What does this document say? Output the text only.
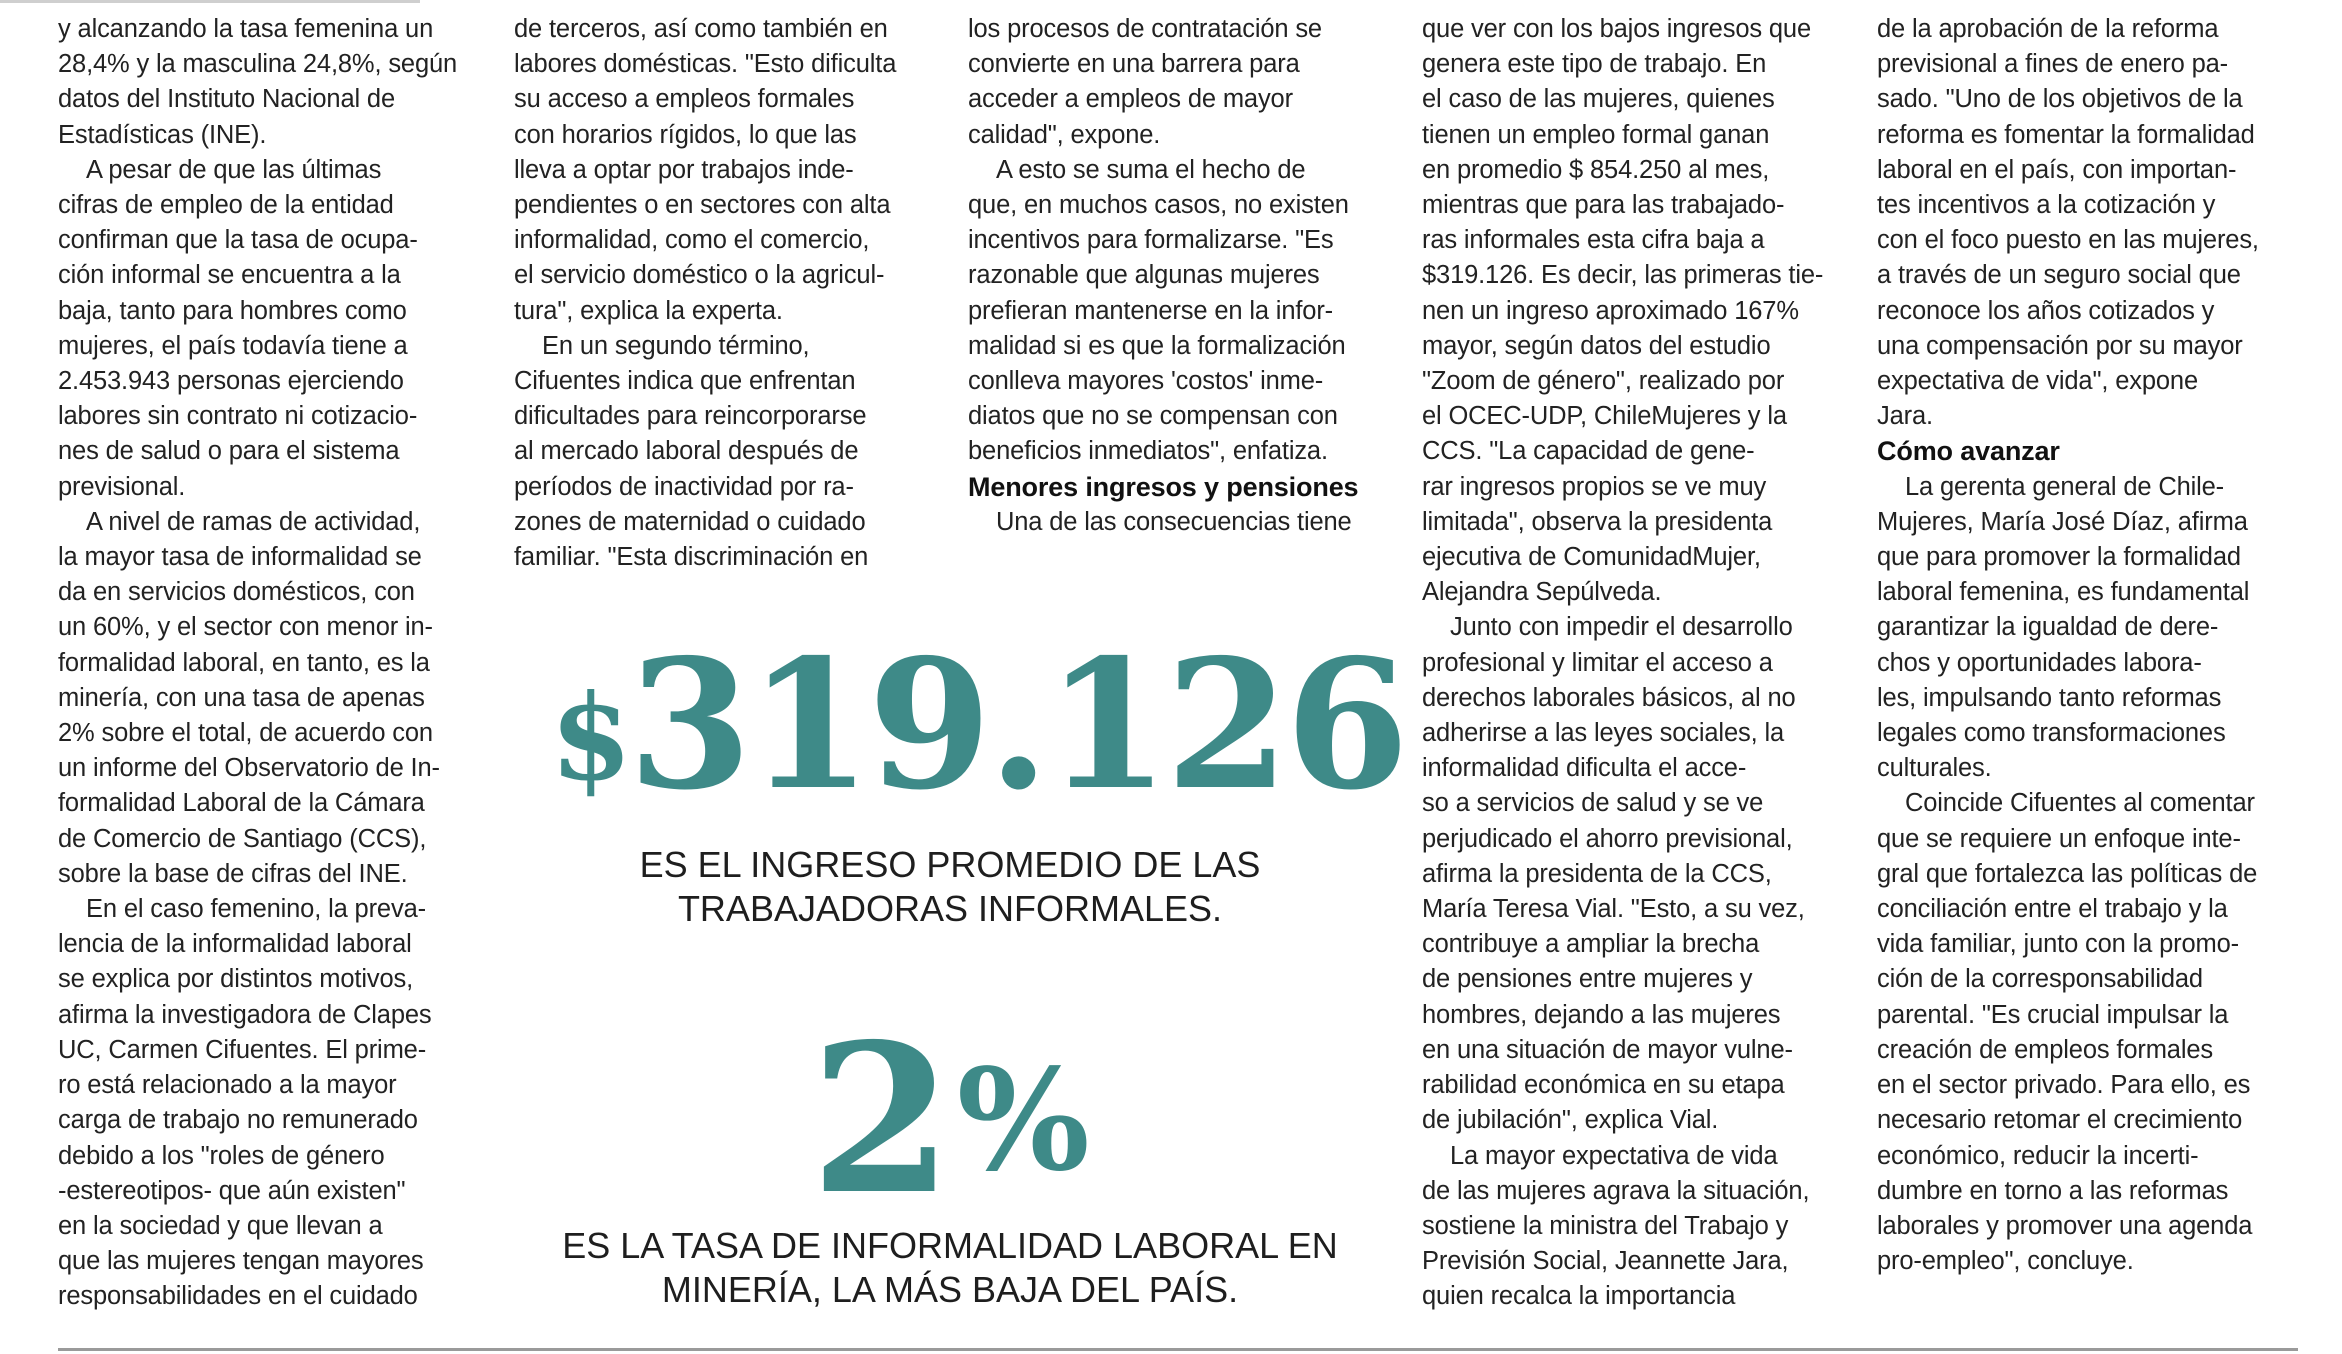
y alcanzando la tasa femenina un

28,4% y la masculina 24,8%, según

datos del Instituto Nacional de

Estadísticas (INE).

A pesar de que las últimas

cifras de empleo de la entidad

confirman que la tasa de ocupa-

ción informal se encuentra a la

baja, tanto para hombres como

mujeres, el país todavía tiene a

2.453.943 personas ejerciendo

labores sin contrato ni cotizacio-

nes de salud o para el sistema

previsional.

A nivel de ramas de actividad,

la mayor tasa de informalidad se

da en servicios domésticos, con

un 60%, y el sector con menor in-

formalidad laboral, en tanto, es la

minería, con una tasa de apenas

2% sobre el total, de acuerdo con

un informe del Observatorio de In-

formalidad Laboral de la Cámara

de Comercio de Santiago (CCS),

sobre la base de cifras del INE.

En el caso femenino, la preva-

lencia de la informalidad laboral

se explica por distintos motivos,

afirma la investigadora de Clapes

UC, Carmen Cifuentes. El prime-

ro está relacionado a la mayor

carga de trabajo no remunerado

debido a los "roles de género

-estereotipos- que aún existen"

en la sociedad y que llevan a

que las mujeres tengan mayores

responsabilidades en el cuidado

de terceros, así como también en

labores domésticas. "Esto dificulta

su acceso a empleos formales

con horarios rígidos, lo que las

lleva a optar por trabajos inde-

pendientes o en sectores con alta

informalidad, como el comercio,

el servicio doméstico o la agricul-

tura", explica la experta.

En un segundo término,

Cifuentes indica que enfrentan

dificultades para reincorporarse

al mercado laboral después de

períodos de inactividad por ra-

zones de maternidad o cuidado

familiar. "Esta discriminación en

los procesos de contratación se

convierte en una barrera para

acceder a empleos de mayor

calidad", expone.

A esto se suma el hecho de

que, en muchos casos, no existen

incentivos para formalizarse. "Es

razonable que algunas mujeres

prefieran mantenerse en la infor-

malidad si es que la formalización

conlleva mayores 'costos' inme-

diatos que no se compensan con

beneficios inmediatos", enfatiza.

Menores ingresos y pensiones

Una de las consecuencias tiene

que ver con los bajos ingresos que

genera este tipo de trabajo. En

el caso de las mujeres, quienes

tienen un empleo formal ganan

en promedio $ 854.250 al mes,

mientras que para las trabajado-

ras informales esta cifra baja a

$319.126. Es decir, las primeras tie-

nen un ingreso aproximado 167%

mayor, según datos del estudio

"Zoom de género", realizado por

el OCEC-UDP, ChileMujeres y la

CCS. "La capacidad de gene-

rar ingresos propios se ve muy

limitada", observa la presidenta

ejecutiva de ComunidadMujer,

Alejandra Sepúlveda.

Junto con impedir el desarrollo

profesional y limitar el acceso a

derechos laborales básicos, al no

adherirse a las leyes sociales, la

informalidad dificulta el acce-

so a servicios de salud y se ve

perjudicado el ahorro previsional,

afirma la presidenta de la CCS,

María Teresa Vial. "Esto, a su vez,

contribuye a ampliar la brecha

de pensiones entre mujeres y

hombres, dejando a las mujeres

en una situación de mayor vulne-

rabilidad económica en su etapa

de jubilación", explica Vial.

La mayor expectativa de vida

de las mujeres agrava la situación,

sostiene la ministra del Trabajo y

Previsión Social, Jeannette Jara,

quien recalca la importancia

de la aprobación de la reforma

previsional a fines de enero pa-

sado. "Uno de los objetivos de la

reforma es fomentar la formalidad

laboral en el país, con importan-

tes incentivos a la cotización y

con el foco puesto en las mujeres,

a través de un seguro social que

reconoce los años cotizados y

una compensación por su mayor

expectativa de vida", expone

Jara.

Cómo avanzar

La gerenta general de Chile-

Mujeres, María José Díaz, afirma

que para promover la formalidad

laboral femenina, es fundamental

garantizar la igualdad de dere-

chos y oportunidades labora-

les, impulsando tanto reformas

legales como transformaciones

culturales.

Coincide Cifuentes al comentar

que se requiere un enfoque inte-

gral que fortalezca las políticas de

conciliación entre el trabajo y la

vida familiar, junto con la promo-

ción de la corresponsabilidad

parental. "Es crucial impulsar la

creación de empleos formales

en el sector privado. Para ello, es

necesario retomar el crecimiento

económico, reducir la incerti-

dumbre en torno a las reformas

laborales y promover una agenda

pro-empleo", concluye.

$319.126
ES EL INGRESO PROMEDIO DE LAS
TRABAJADORAS INFORMALES.
2%
ES LA TASA DE INFORMALIDAD LABORAL EN
MINERÍA, LA MÁS BAJA DEL PAÍS.
